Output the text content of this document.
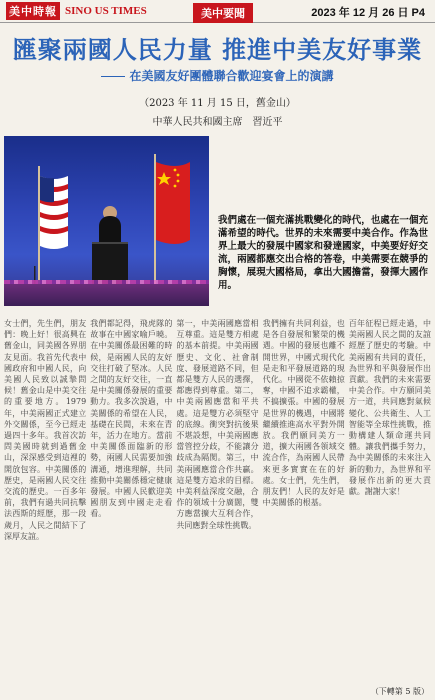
美中時報 SINO US TIMES	美中要聞	2023 年 12 月 26 日 P4
匯聚兩國人民力量 推進中美友好事業
在美國友好團體聯合歡迎宴會上的演講
（2023 年 11 月 15 日，舊金山）
中華人民共和國主席 習近平
我們處在一個充滿挑戰變化的時代，也處在一個充滿希望的時代。世界的未來需要中美合作。作為世界上最大的發展中國家和發達國家，中美要好好交流，兩國都應交出合格的答卷，中美需要在競爭的胸懷，展現大國格局，拿出大國擔當，發揮大國作用。
女士們，先生們，朋友們：晚上好！很高興在舊金山，同美國各界朋友見面。我首先代表中國政府和中國人民，向美國人民致以誠摯問候！舊金山是中美交往的重要地方。1979年，中美兩國正式建立外交關係，至今已經走過四十多年。我首次訪問美國時就到過舊金山，深深感受到這裡的開放包容。中美關係的歷史，是兩國人民交往交流的歷史。一百多年前，我們有過共同抗擊法西斯的經歷，那一段歲月，人民之間結下了深厚友誼。
我們都記得，飛虎隊的故事在中國家喻戶曉。在中美關係最困難的時候，是兩國人民的友好交往打破了堅冰。人民之間的友好交往，一直是中美關係發展的重要動力。我多次說過，中美關係的希望在人民，基礎在民間，未來在青年，活力在地方。當前中美關係面臨新的形勢，兩國人民需要加強溝通，增進理解，共同推動中美關係穩定健康發展。中國人民歡迎美國朋友到中國走走看看。
第一，中美兩國應當相互尊重。這是雙方相處的基本前提。中美兩國歷史、文化、社會制度、發展道路不同，但都是雙方人民的選擇，都應得到尊重。第二，中美兩國應當和平共處。這是雙方必須堅守的底線。衝突對抗後果不堪設想，中美兩國應當管控分歧，不能讓分歧成為隔閡。第三，中美兩國應當合作共贏。這是雙方追求的目標。中美利益深度交融，合作的領域十分廣闊，雙方應當擴大互利合作，共同應對全球性挑戰。
我們擁有共同利益，也是各自發展和繁榮的機遇。中國的發展也離不開世界，中國式現代化是走和平發展道路的現代化。中國從不依賴掠奪，中國不追求霸權，不搞擴張。中國的發展是世界的機遇，中國將繼續推進高水平對外開放。我們願同美方一道，擴大兩國各領域交流合作，為兩國人民帶來更多實實在在的好處。女士們，先生們，朋友們！人民的友好是中美關係的根基。
百年征程已經走過，中美兩國人民之間的友誼經歷了歷史的考驗。中美兩國有共同的責任，為世界和平與發展作出貢獻。我們的未來需要中美合作。中方願同美方一道，共同應對氣候變化、公共衛生、人工智能等全球性挑戰，推動構建人類命運共同體。讓我們攜手努力，為中美關係的未來注入新的動力，為世界和平發展作出新的更大貢獻。謝謝大家！
（下轉第 5 版）
